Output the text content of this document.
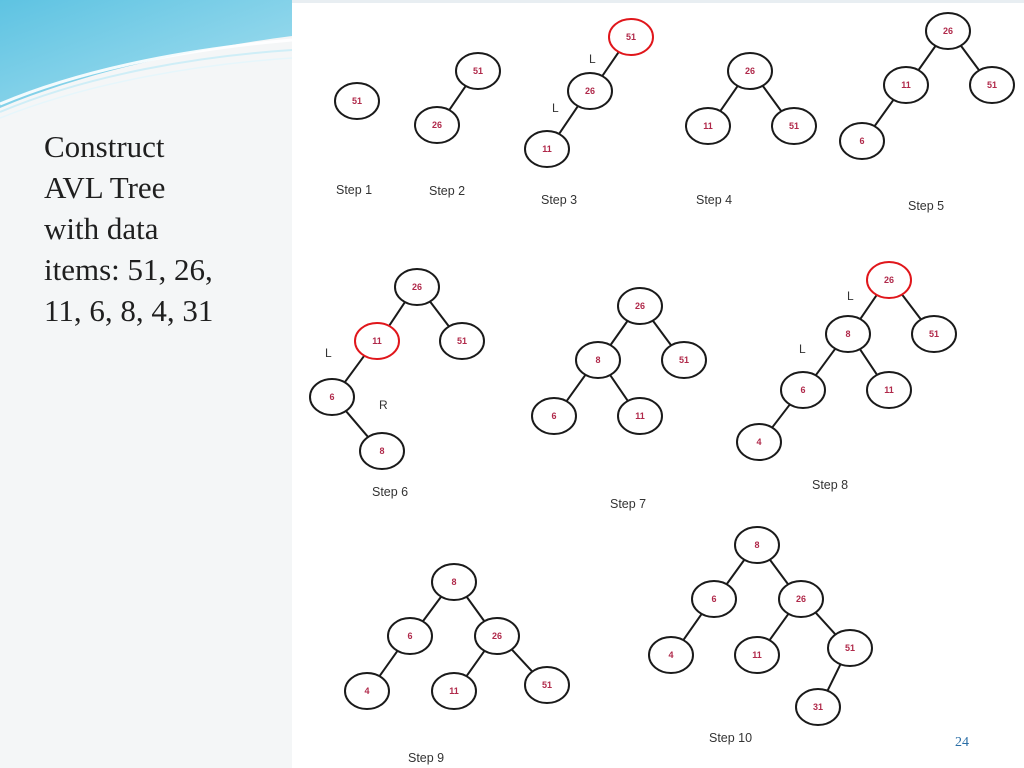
Construct
AVL Tree
with data
items: 51, 26,
11, 6, 8, 4, 31
51
Step 1
51
26
Step 2
51
26
11
L
L
Step 3
26
11	51
Step 4
26
11	51
6
Step 5
26
11	51
6
8
L
R
Step 6
26
8	51
6	11
Step 7
26
8	51
6	11
4
L
L
Step 8
8
6	26
4	11
51
Step 9
8
6	26
4	11
51
31
Step 10	24
